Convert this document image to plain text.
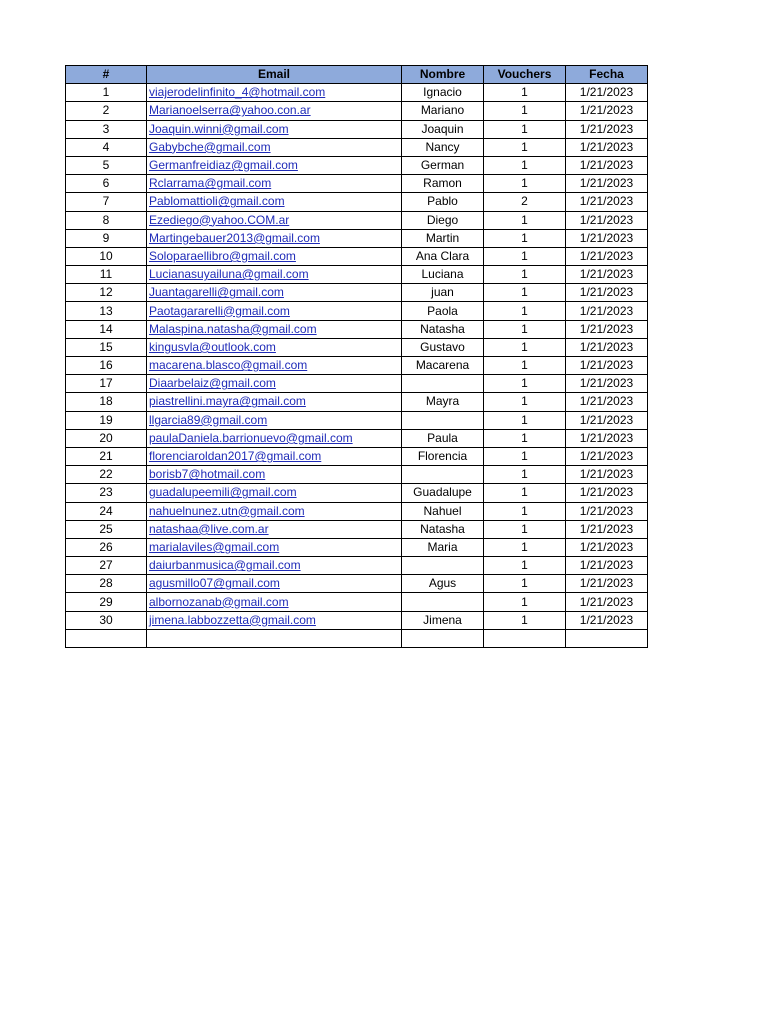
#	Email	Nombre	Vouchers	Fecha
1	viajerodelinfinito_4@hotmail.com	Ignacio	1	1/21/2023
2	Marianoelserra@yahoo.con.ar	Mariano	1	1/21/2023
3	Joaquin.winni@gmail.com	Joaquin	1	1/21/2023
4	Gabybche@gmail.com	Nancy	1	1/21/2023
5	Germanfreidiaz@gmail.com	German	1	1/21/2023
6	Rclarrama@gmail.com	Ramon	1	1/21/2023
7	Pablomattioli@gmail.com	Pablo	2	1/21/2023
8	Ezediego@yahoo.COM.ar	Diego	1	1/21/2023
9	Martingebauer2013@gmail.com	Martin	1	1/21/2023
10	Soloparaellibro@gmail.com	Ana Clara	1	1/21/2023
11	Lucianasuyailuna@gmail.com	Luciana	1	1/21/2023
12	Juantagarelli@gmail.com	juan	1	1/21/2023
13	Paotagararelli@gmail.com	Paola	1	1/21/2023
14	Malaspina.natasha@gmail.com	Natasha	1	1/21/2023
15	kingusvla@outlook.com	Gustavo	1	1/21/2023
16	macarena.blasco@gmail.com	Macarena	1	1/21/2023
17	Diaarbelaiz@gmail.com		1	1/21/2023
18	piastrellini.mayra@gmail.com	Mayra	1	1/21/2023
19	llgarcia89@gmail.com		1	1/21/2023
20	paulaDaniela.barrionuevo@gmail.com	Paula	1	1/21/2023
21	florenciaroldan2017@gmail.com	Florencia	1	1/21/2023
22	borisb7@hotmail.com		1	1/21/2023
23	guadalupeemili@gmail.com	Guadalupe	1	1/21/2023
24	nahuelnunez.utn@gmail.com	Nahuel	1	1/21/2023
25	natashaa@live.com.ar	Natasha	1	1/21/2023
26	marialaviles@gmail.com	Maria	1	1/21/2023
27	daiurbanmusica@gmail.com		1	1/21/2023
28	agusmillo07@gmail.com	Agus	1	1/21/2023
29	albornozanab@gmail.com		1	1/21/2023
30	jimena.labbozzetta@gmail.com	Jimena	1	1/21/2023
